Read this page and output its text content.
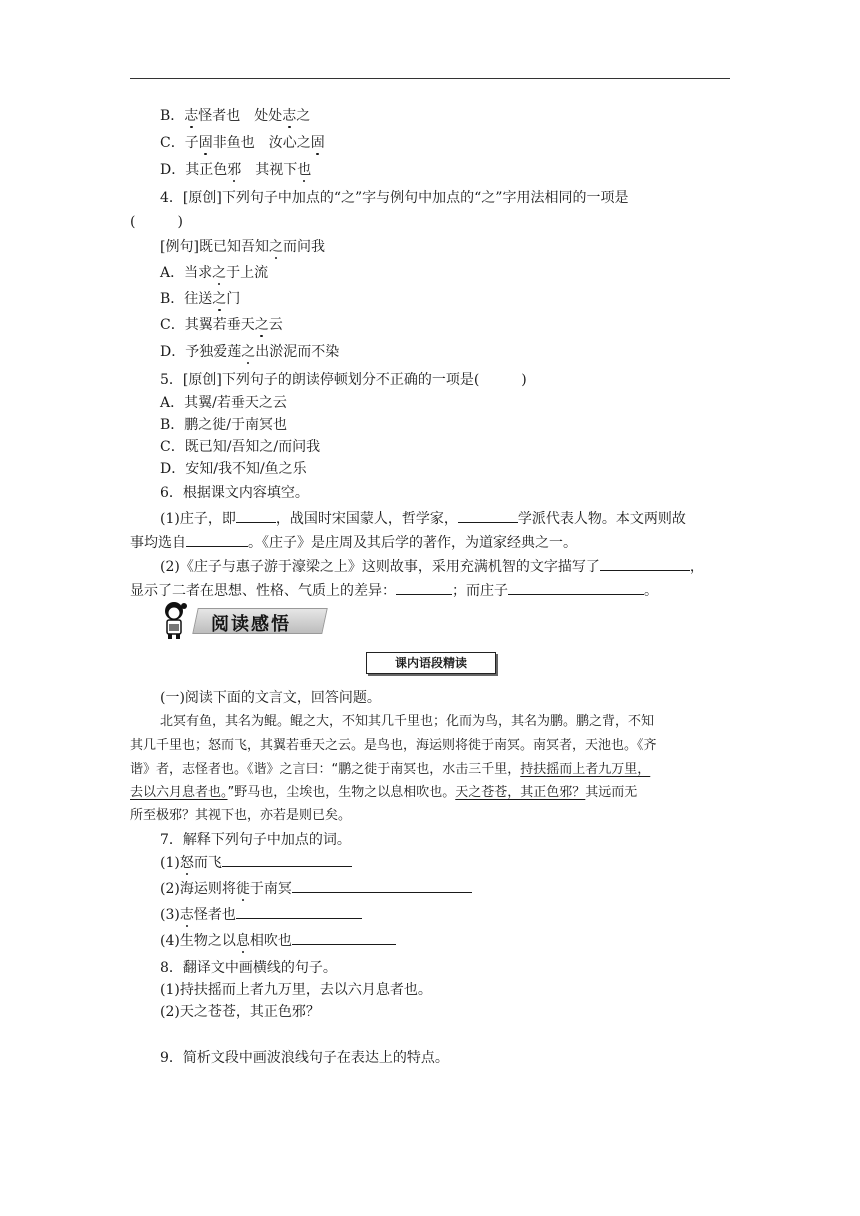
B．志怪者也　 处处志之
C．子固非鱼也　 汝心之固
D．其正色邪　 其视下也
4．[原创]下列句子中加点的“之”字与例句中加点的“之”字用法相同的一项是
(　　　)
[例句]既已知吾知之而问我
A．当求之于上流
B．往送之门
C．其翼若垂天之云
D．予独爱莲之出淤泥而不染
5．[原创]下列句子的朗读停顿划分不正确的一项是(　　　)
A．其翼/若垂天之云
B．鹏之徙/于南冥也
C．既已知/吾知之/而问我
D．安知/我不知/鱼之乐
6．根据课文内容填空。
(1)庄子，即	，战国时宋国蒙人，哲学家，	学派代表人物。本文两则故
事均选自	。《庄子》是庄周及其后学的著作，为道家经典之一。
(2)《庄子与惠子游于濠梁之上》这则故事，采用充满机智的文字描写了	，
显示了二者在思想、性格、气质上的差异：	；而庄子	。
阅读感悟
课内语段精读
(一)阅读下面的文言文，回答问题。
北冥有鱼，其名为鲲。鲲之大，不知其几千里也；化而为鸟，其名为鹏。鹏之背，不知
其几千里也；怒而飞，其翼若垂天之云。是鸟也，海运则将徙于南冥。南冥者，天池也。《齐
谐》者，志怪者也。《谐》之言曰：“鹏之徙于南冥也，水击三千里，持扶摇而上者九万里，
去以六月息者也。”野马也，尘埃也，生物之以息相吹也。天之苍苍，其正色邪？其远而无
所至极邪？其视下也，亦若是则已矣。
7．解释下列句子中加点的词。
(1)怒而飞
(2)海运则将徙于南冥
(3)志怪者也
(4)生物之以息相吹也
8．翻译文中画横线的句子。
(1)持扶摇而上者九万里，去以六月息者也。
(2)天之苍苍，其正色邪？
9．简析文段中画波浪线句子在表达上的特点。
